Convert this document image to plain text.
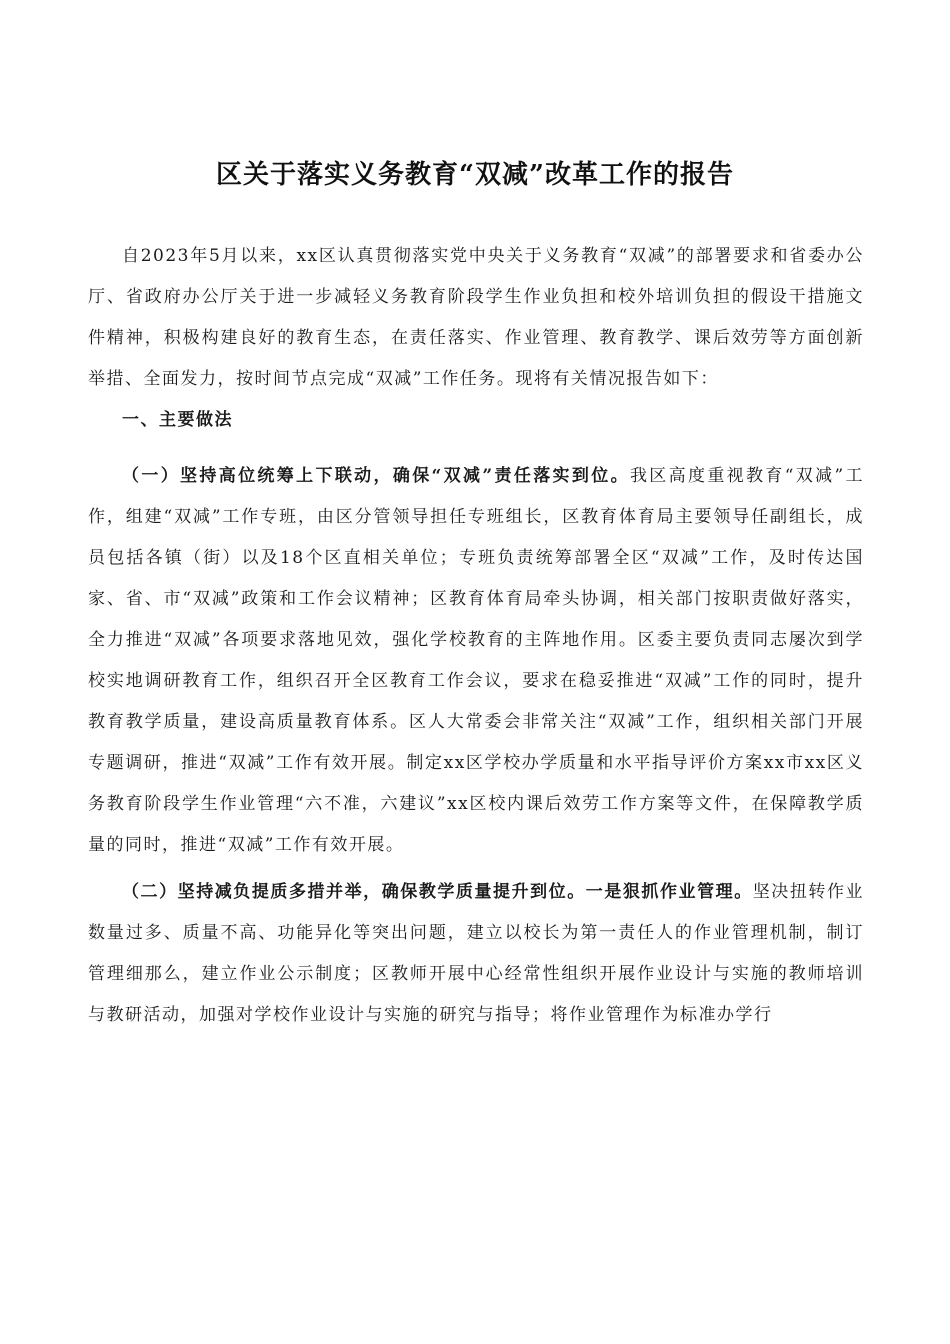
区关于落实义务教育“双减”改革工作的报告

自2023年5月以来，xx区认真贯彻落实党中央关于义务教育“双减”的部署要求和省委办公厅、省政府办公厅关于进一步减轻义务教育阶段学生作业负担和校外培训负担的假设干措施文件精神，积极构建良好的教育生态，在责任落实、作业管理、教育教学、课后效劳等方面创新举措、全面发力，按时间节点完成“双减”工作任务。现将有关情况报告如下：

一、主要做法

（一）坚持高位统筹上下联动，确保“双减”责任落实到位。我区高度重视教育“双减”工作，组建“双减”工作专班，由区分管领导担任专班组长，区教育体育局主要领导任副组长，成员包括各镇（街）以及18个区直相关单位；专班负责统筹部署全区“双减”工作，及时传达国家、省、市“双减”政策和工作会议精神；区教育体育局牵头协调，相关部门按职责做好落实，全力推进“双减”各项要求落地见效，强化学校教育的主阵地作用。区委主要负责同志屡次到学校实地调研教育工作，组织召开全区教育工作会议，要求在稳妥推进“双减”工作的同时，提升教育教学质量，建设高质量教育体系。区人大常委会非常关注“双减”工作，组织相关部门开展专题调研，推进“双减”工作有效开展。制定xx区学校办学质量和水平指导评价方案xx市xx区义务教育阶段学生作业管理“六不准，六建议”xx区校内课后效劳工作方案等文件，在保障教学质量的同时，推进“双减”工作有效开展。

（二）坚持减负提质多措并举，确保教学质量提升到位。一是狠抓作业管理。坚决扭转作业数量过多、质量不高、功能异化等突出问题，建立以校长为第一责任人的作业管理机制，制订管理细那么，建立作业公示制度；区教师开展中心经常性组织开展作业设计与实施的教师培训与教研活动，加强对学校作业设计与实施的研究与指导；将作业管理作为标准办学行
